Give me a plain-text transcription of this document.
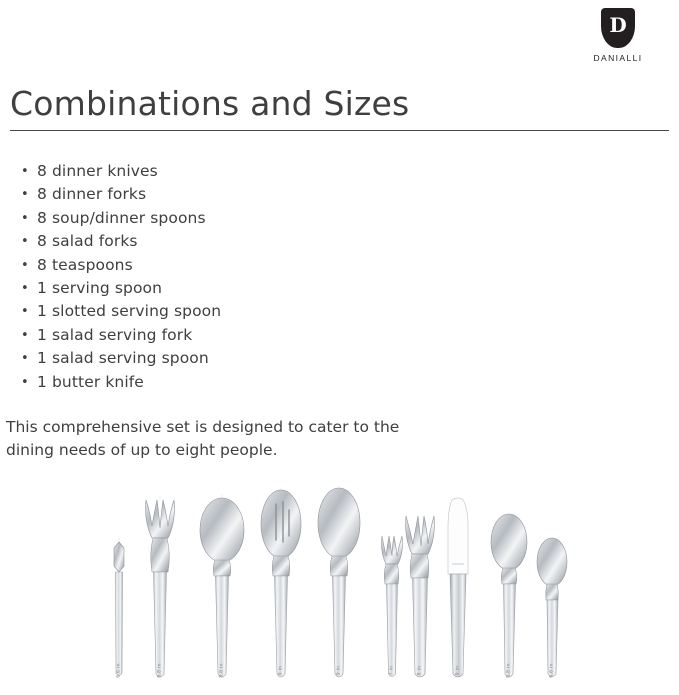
D
DANIALLI
Combinations and Sizes
• 8 dinner knives
• 8 dinner forks
• 8 soup/dinner spoons
• 8 salad forks
• 8 teaspoons
• 1 serving spoon
• 1 slotted serving spoon
• 1 salad serving fork
• 1 salad serving spoon
• 1 butter knife

This comprehensive set is designed to cater to the dining needs of up to eight people.

6.6 in	8.8 in	8.8 in	9 in	9 in	7 in	8 in	9 in	8.8 in	6.6 in
